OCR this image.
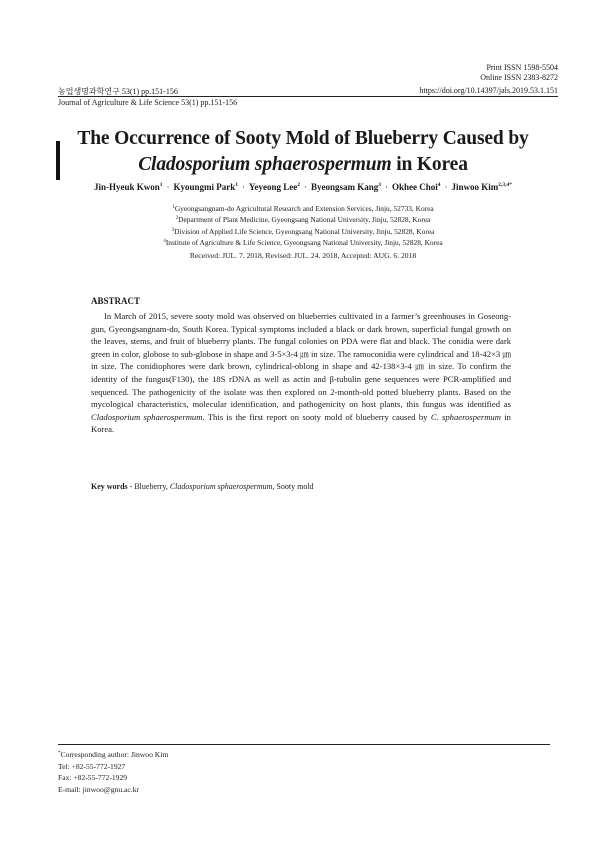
Print ISSN 1598-5504
Online ISSN 2383-8272
농업생명과학연구 53(1) pp.151-156	https://doi.org/10.14397/jals.2019.53.1.151
Journal of Agriculture & Life Science 53(1) pp.151-156
The Occurrence of Sooty Mold of Blueberry Caused by
Cladosporium sphaerospermum in Korea
Jin-Hyeuk Kwon$^1$ · Kyoungmi Park$^1$ · Yeyeong Lee$^2$ · Byeongsam Kang$^3$ · Okhee Choi$^4$ · Jinwoo Kim$^{2,3,4*}$
$^1$Gyeongsangnam-do Agricultural Research and Extension Services, Jinju, 52733, Korea
$^2$Department of Plant Medicine, Gyeongsang National University, Jinju, 52828, Korea
$^3$Division of Applied Life Science, Gyeongsang National University, Jinju, 52828, Korea
$^4$Institute of Agriculture & Life Science, Gyeongsang National University, Jinju, 52828, Korea
Received: JUL. 7. 2018, Revised: JUL. 24. 2018, Accepted: AUG. 6. 2018
ABSTRACT
In March of 2015, severe sooty mold was observed on blueberries cultivated in a farmer’s greenhouses in Goseong-gun, Gyeongsangnam-do, South Korea. Typical symptoms included a black or dark brown, superficial fungal growth on the leaves, stems, and fruit of blueberry plants. The fungal colonies on PDA were flat and black. The conidia were dark green in color, globose to sub-globose in shape and 3-5×3-4 ㎛ in size. The ramoconidia were cylindrical and 18-42×3 ㎛ in size. The conidiophores were dark brown, cylindrical-oblong in shape and 42-138×3-4 ㎛ in size. To confirm the identity of the fungus(F130), the 18S rDNA as well as actin and β-tubulin gene sequences were PCR-amplified and sequenced. The pathogenicity of the isolate was then explored on 2-month-old potted blueberry plants. Based on the mycological characteristics, molecular identification, and pathogenicity on host plants, this fungus was identified as Cladosporium sphaerospermum. This is the first report on sooty mold of blueberry caused by C. sphaerospermum in Korea.
Key words - Blueberry, Cladosporium sphaerospermum, Sooty mold
*Corresponding author: Jinwoo Kim
Tel: +82-55-772-1927
Fax: +82-55-772-1929
E-mail: jinwoo@gnu.ac.kr
